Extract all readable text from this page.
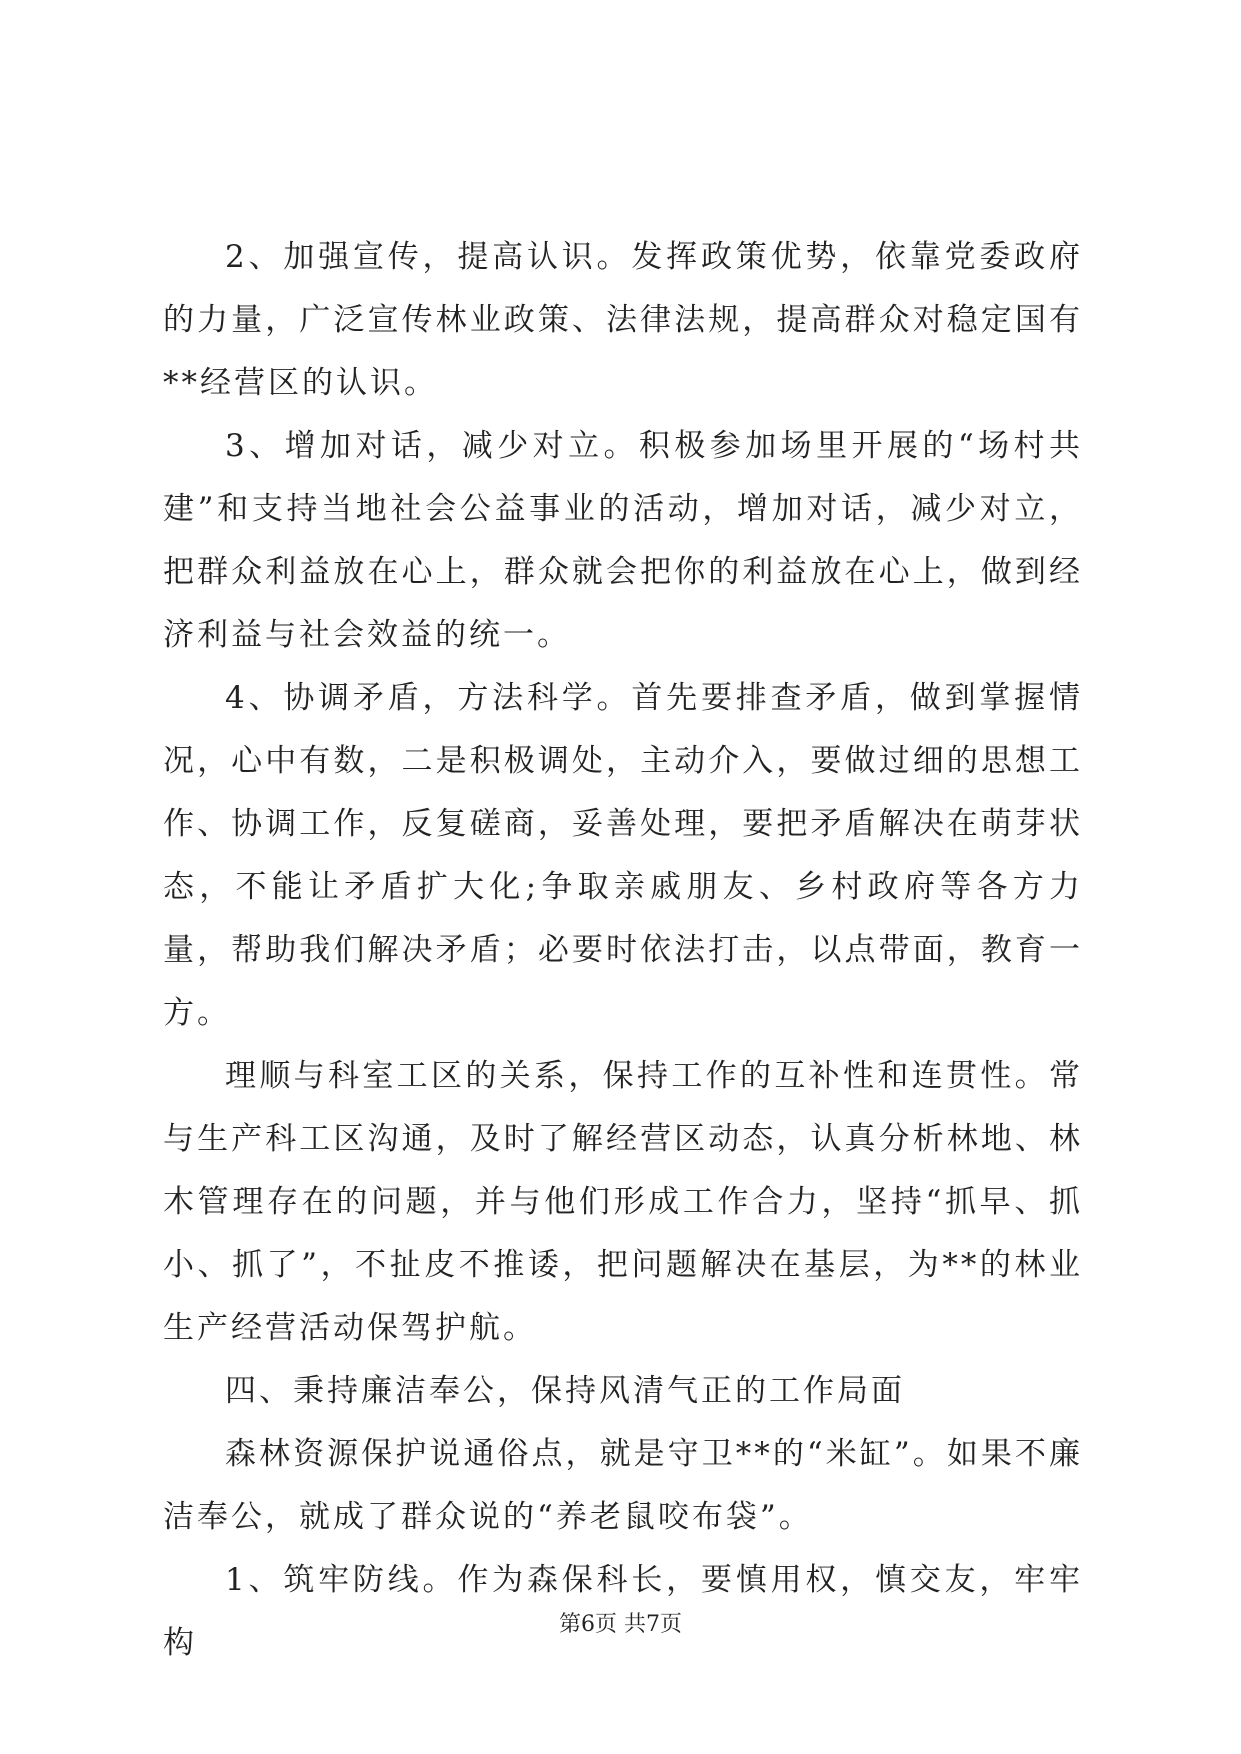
2、加强宣传，提高认识。发挥政策优势，依靠党委政府的力量，广泛宣传林业政策、法律法规，提高群众对稳定国有**经营区的认识。

3、增加对话，减少对立。积极参加场里开展的“场村共建”和支持当地社会公益事业的活动，增加对话，减少对立，把群众利益放在心上，群众就会把你的利益放在心上，做到经济利益与社会效益的统一。

4、协调矛盾，方法科学。首先要排查矛盾，做到掌握情况，心中有数，二是积极调处，主动介入，要做过细的思想工作、协调工作，反复磋商，妥善处理，要把矛盾解决在萌芽状态，不能让矛盾扩大化;争取亲戚朋友、乡村政府等各方力量，帮助我们解决矛盾；必要时依法打击，以点带面，教育一方。

理顺与科室工区的关系，保持工作的互补性和连贯性。常与生产科工区沟通，及时了解经营区动态，认真分析林地、林木管理存在的问题，并与他们形成工作合力，坚持“抓早、抓小、抓了”，不扯皮不推诿，把问题解决在基层，为**的林业生产经营活动保驾护航。

四、秉持廉洁奉公，保持风清气正的工作局面

森林资源保护说通俗点，就是守卫**的“米缸”。如果不廉洁奉公，就成了群众说的“养老鼠咬布袋”。

1、筑牢防线。作为森保科长，要慎用权，慎交友，牢牢构

第6页 共7页
